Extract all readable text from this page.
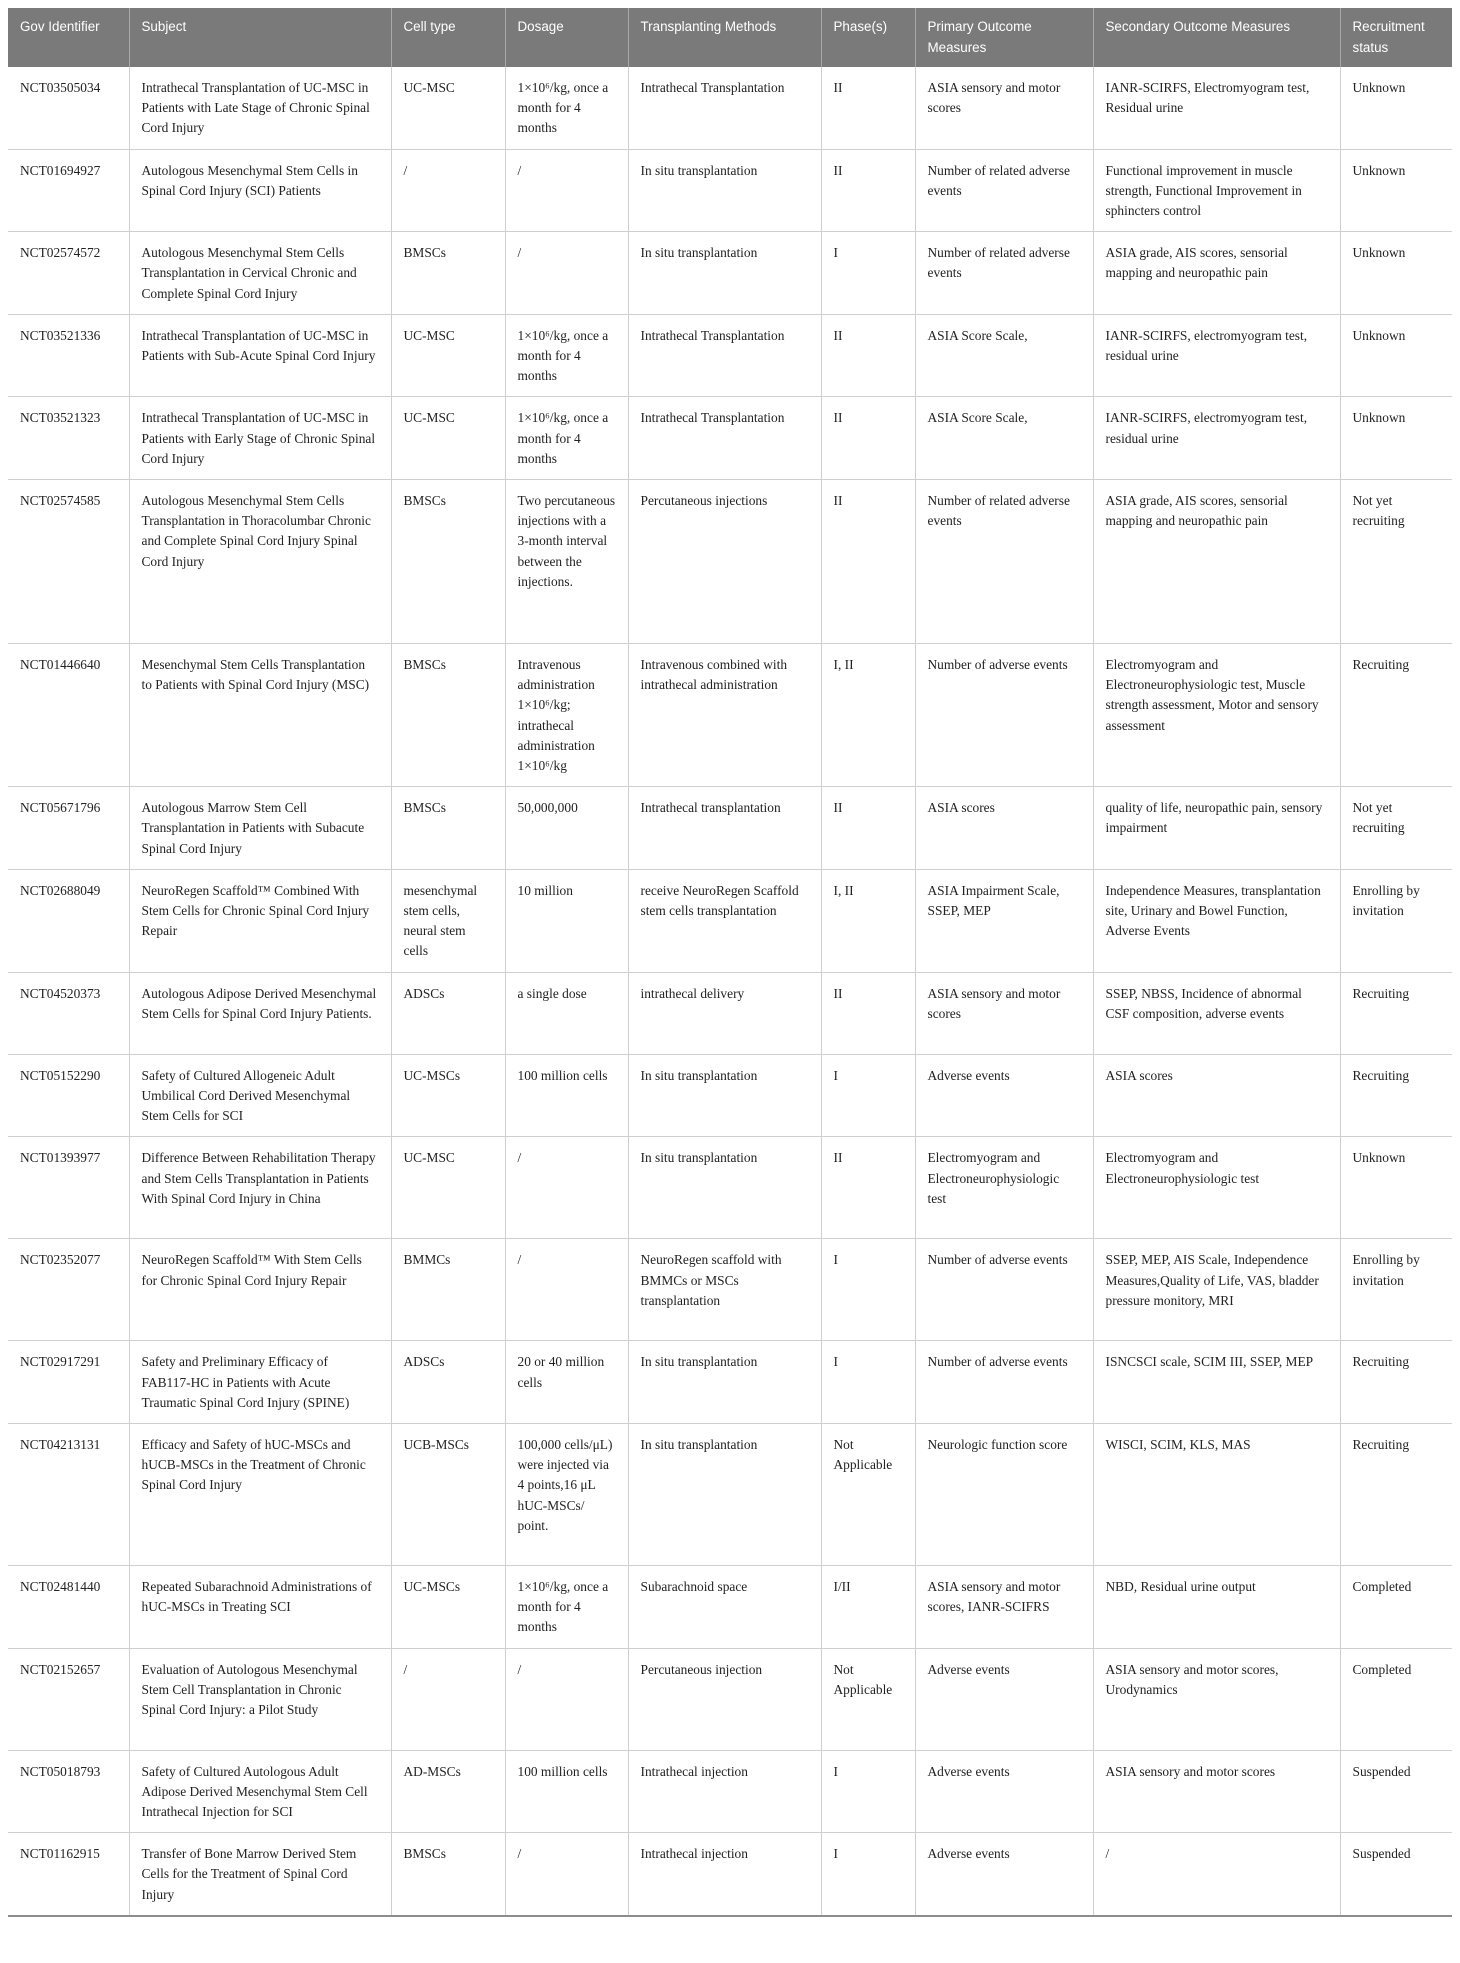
Gov Identifier	Subject	Cell type	Dosage	Transplanting Methods	Phase(s)	Primary Outcome Measures	Secondary Outcome Measures	Recruitment status
NCT03505034	Intrathecal Transplantation of UC-MSC in Patients with Late Stage of Chronic Spinal Cord Injury	UC-MSC	1×10⁶/kg, once a month for 4 months	Intrathecal Transplantation	II	ASIA sensory and motor scores	IANR-SCIRFS, Electromyogram test, Residual urine	Unknown
NCT01694927	Autologous Mesenchymal Stem Cells in Spinal Cord Injury (SCI) Patients	/	/	In situ transplantation	II	Number of related adverse events	Functional improvement in muscle strength, Functional Improvement in sphincters control	Unknown
NCT02574572	Autologous Mesenchymal Stem Cells Transplantation in Cervical Chronic and Complete Spinal Cord Injury	BMSCs	/	In situ transplantation	I	Number of related adverse events	ASIA grade, AIS scores, sensorial mapping and neuropathic pain	Unknown
NCT03521336	Intrathecal Transplantation of UC-MSC in Patients with Sub-Acute Spinal Cord Injury	UC-MSC	1×10⁶/kg, once a month for 4 months	Intrathecal Transplantation	II	ASIA Score Scale,	IANR-SCIRFS, electromyogram test, residual urine	Unknown
NCT03521323	Intrathecal Transplantation of UC-MSC in Patients with Early Stage of Chronic Spinal Cord Injury	UC-MSC	1×10⁶/kg, once a month for 4 months	Intrathecal Transplantation	II	ASIA Score Scale,	IANR-SCIRFS, electromyogram test, residual urine	Unknown
NCT02574585	Autologous Mesenchymal Stem Cells Transplantation in Thoracolumbar Chronic and Complete Spinal Cord Injury Spinal Cord Injury	BMSCs	Two percutaneous injections with a 3-month interval between the injections.	Percutaneous injections	II	Number of related adverse events	ASIA grade, AIS scores, sensorial mapping and neuropathic pain	Not yet recruiting
NCT01446640	Mesenchymal Stem Cells Transplantation to Patients with Spinal Cord Injury (MSC)	BMSCs	Intravenous administration 1×10⁶/kg; intrathecal administration 1×10⁶/kg	Intravenous combined with intrathecal administration	I, II	Number of adverse events	Electromyogram and Electroneurophysiologic test, Muscle strength assessment, Motor and sensory assessment	Recruiting
NCT05671796	Autologous Marrow Stem Cell Transplantation in Patients with Subacute Spinal Cord Injury	BMSCs	50,000,000	Intrathecal transplantation	II	ASIA scores	quality of life, neuropathic pain, sensory impairment	Not yet recruiting
NCT02688049	NeuroRegen Scaffold™ Combined With Stem Cells for Chronic Spinal Cord Injury Repair	mesenchymal stem cells, neural stem cells	10 million	receive NeuroRegen Scaffold stem cells transplantation	I, II	ASIA Impairment Scale, SSEP, MEP	Independence Measures, transplantation site, Urinary and Bowel Function, Adverse Events	Enrolling by invitation
NCT04520373	Autologous Adipose Derived Mesenchymal Stem Cells for Spinal Cord Injury Patients.	ADSCs	a single dose	intrathecal delivery	II	ASIA sensory and motor scores	SSEP, NBSS, Incidence of abnormal CSF composition, adverse events	Recruiting
NCT05152290	Safety of Cultured Allogeneic Adult Umbilical Cord Derived Mesenchymal Stem Cells for SCI	UC-MSCs	100 million cells	In situ transplantation	I	Adverse events	ASIA scores	Recruiting
NCT01393977	Difference Between Rehabilitation Therapy and Stem Cells Transplantation in Patients With Spinal Cord Injury in China	UC-MSC	/	In situ transplantation	II	Electromyogram and Electroneurophysiologic test	Electromyogram and Electroneurophysiologic test	Unknown
NCT02352077	NeuroRegen Scaffold™ With Stem Cells for Chronic Spinal Cord Injury Repair	BMMCs	/	NeuroRegen scaffold with BMMCs or MSCs transplantation	I	Number of adverse events	SSEP, MEP, AIS Scale, Independence Measures,Quality of Life, VAS, bladder pressure monitory, MRI	Enrolling by invitation
NCT02917291	Safety and Preliminary Efficacy of FAB117-HC in Patients with Acute Traumatic Spinal Cord Injury (SPINE)	ADSCs	20 or 40 million cells	In situ transplantation	I	Number of adverse events	ISNCSCI scale, SCIM III, SSEP, MEP	Recruiting
NCT04213131	Efficacy and Safety of hUC-MSCs and hUCB-MSCs in the Treatment of Chronic Spinal Cord Injury	UCB-MSCs	100,000 cells/μL) were injected via 4 points,16 μL hUC-MSCs/ point.	In situ transplantation	Not Applicable	Neurologic function score	WISCI, SCIM, KLS, MAS	Recruiting
NCT02481440	Repeated Subarachnoid Administrations of hUC-MSCs in Treating SCI	UC-MSCs	1×10⁶/kg, once a month for 4 months	Subarachnoid space	I/II	ASIA sensory and motor scores, IANR-SCIFRS	NBD, Residual urine output	Completed
NCT02152657	Evaluation of Autologous Mesenchymal Stem Cell Transplantation in Chronic Spinal Cord Injury: a Pilot Study	/	/	Percutaneous injection	Not Applicable	Adverse events	ASIA sensory and motor scores, Urodynamics	Completed
NCT05018793	Safety of Cultured Autologous Adult Adipose Derived Mesenchymal Stem Cell Intrathecal Injection for SCI	AD-MSCs	100 million cells	Intrathecal injection	I	Adverse events	ASIA sensory and motor scores	Suspended
NCT01162915	Transfer of Bone Marrow Derived Stem Cells for the Treatment of Spinal Cord Injury	BMSCs	/	Intrathecal injection	I	Adverse events	/	Suspended
